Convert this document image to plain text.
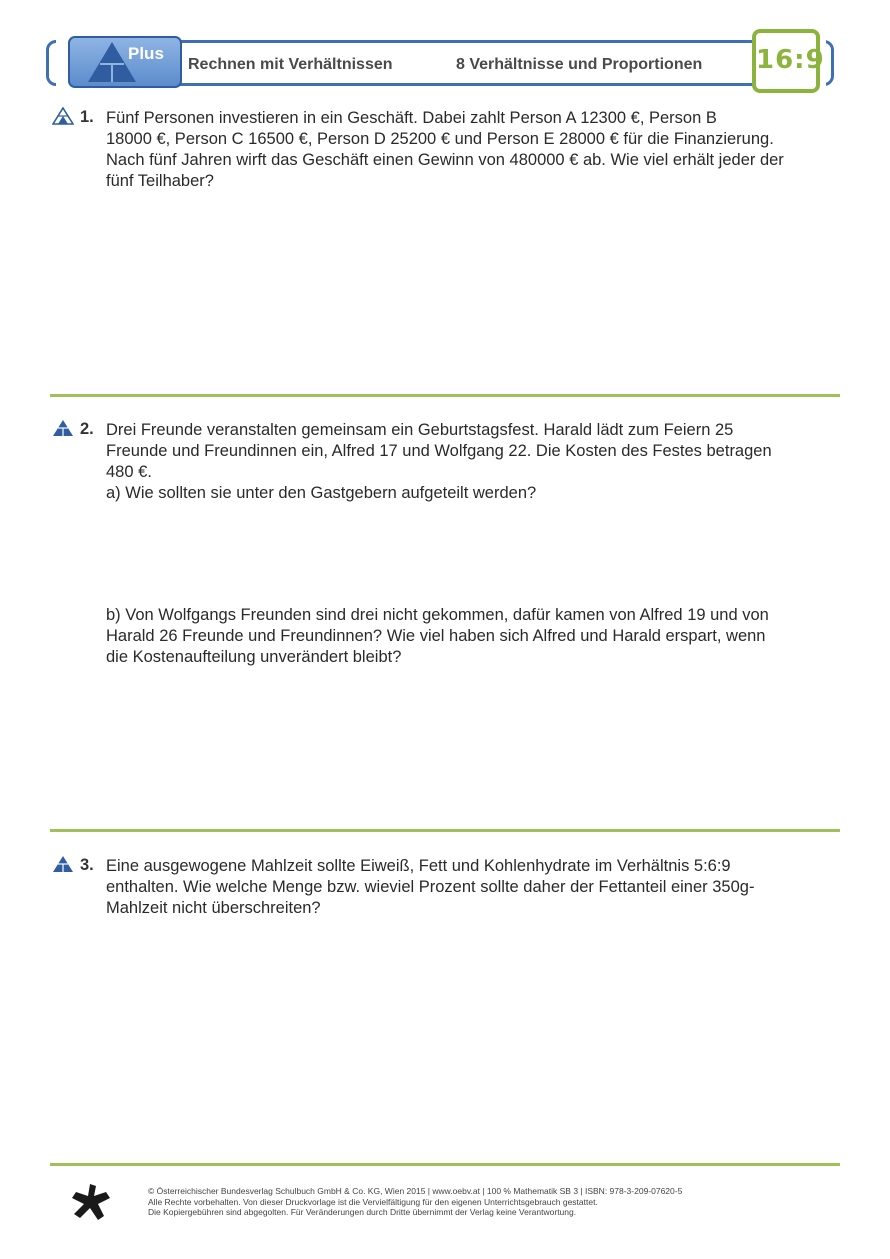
Plus
Rechnen mit Verhältnissen	8 Verhältnisse und Proportionen 16:9
1. Fünf Personen investieren in ein Geschäft. Dabei zahlt Person A 12300 €, Person B

18000 €, Person C 16500 €, Person D 25200 € und Person E 28000 € für die Finanzierung.

Nach fünf Jahren wirft das Geschäft einen Gewinn von 480000 € ab. Wie viel erhält jeder der

fünf Teilhaber?

2. Drei Freunde veranstalten gemeinsam ein Geburtstagsfest. Harald lädt zum Feiern 25

Freunde und Freundinnen ein, Alfred 17 und Wolfgang 22. Die Kosten des Festes betragen

480 €.

a) Wie sollten sie unter den Gastgebern aufgeteilt werden?

b) Von Wolfgangs Freunden sind drei nicht gekommen, dafür kamen von Alfred 19 und von

Harald 26 Freunde und Freundinnen? Wie viel haben sich Alfred und Harald erspart, wenn

die Kostenaufteilung unverändert bleibt?

3. Eine ausgewogene Mahlzeit sollte Eiweiß, Fett und Kohlenhydrate im Verhältnis 5:6:9

enthalten. Wie welche Menge bzw. wieviel Prozent sollte daher der Fettanteil einer 350g-

Mahlzeit nicht überschreiten?

© Österreichischer Bundesverlag Schulbuch GmbH & Co. KG, Wien 2015 | www.oebv.at | 100 % Mathematik SB 3 | ISBN: 978-3-209-07620-5
Alle Rechte vorbehalten. Von dieser Druckvorlage ist die Vervielfältigung für den eigenen Unterrichtsgebrauch gestattet.
Die Kopiergebühren sind abgegolten. Für Veränderungen durch Dritte übernimmt der Verlag keine Verantwortung.
